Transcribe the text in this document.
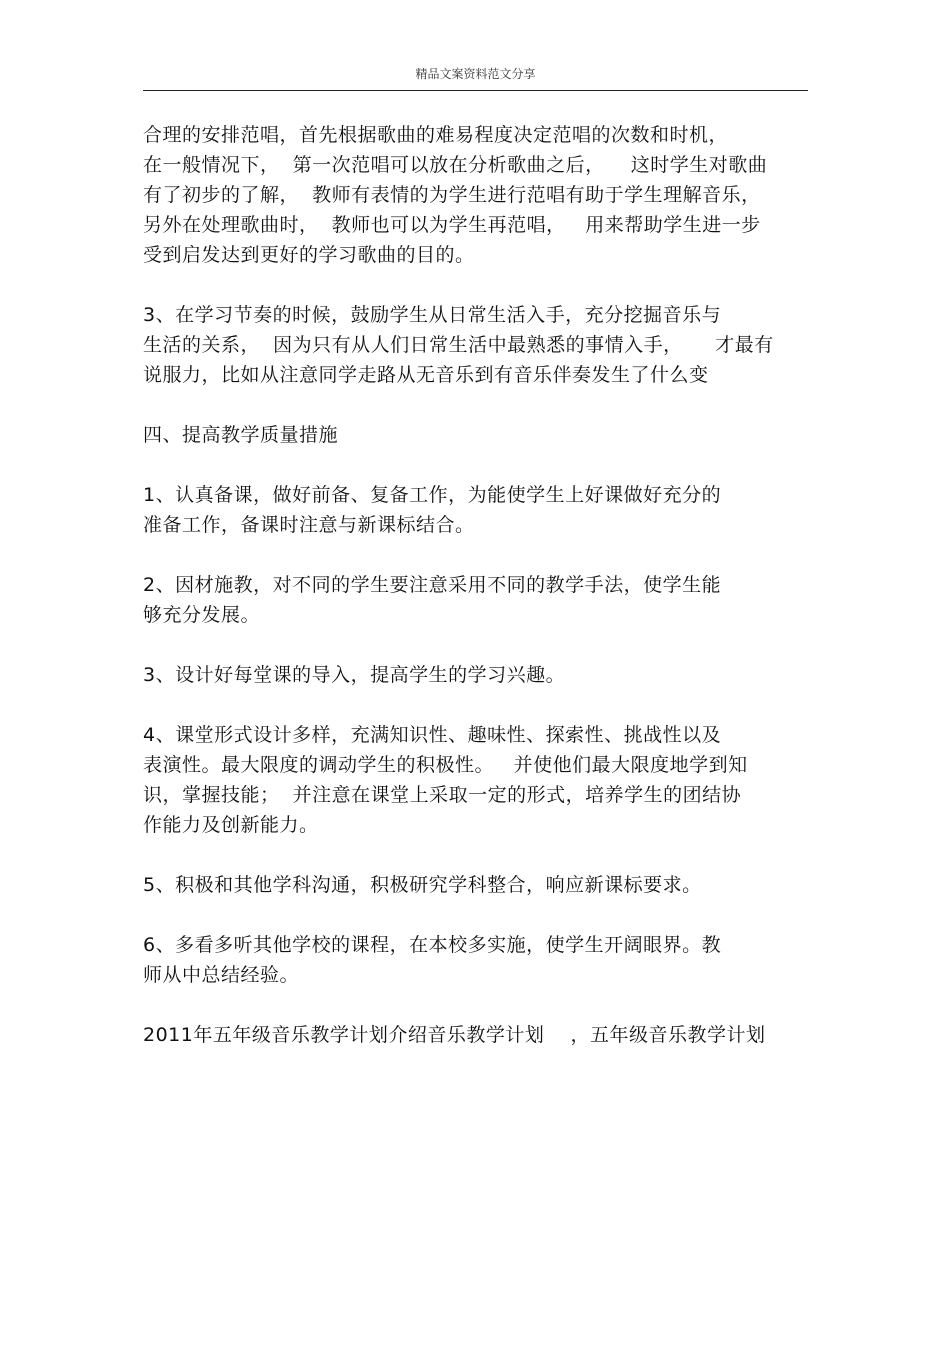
精品文案资料范文分享
合理的安排范唱，首先根据歌曲的难易程度决定范唱的次数和时机，
在一般情况下，  第一次范唱可以放在分析歌曲之后，    这时学生对歌曲
有了初步的了解，  教师有表情的为学生进行范唱有助于学生理解音乐，
另外在处理歌曲时，  教师也可以为学生再范唱，   用来帮助学生进一步
受到启发达到更好的学习歌曲的目的。
3、在学习节奏的时候，鼓励学生从日常生活入手，充分挖掘音乐与
生活的关系，  因为只有从人们日常生活中最熟悉的事情入手，     才最有
说服力，比如从注意同学走路从无音乐到有音乐伴奏发生了什么变
四、提高教学质量措施
1、认真备课，做好前备、复备工作，为能使学生上好课做好充分的
准备工作，备课时注意与新课标结合。
2、因材施教，对不同的学生要注意采用不同的教学手法，使学生能
够充分发展。
3、设计好每堂课的导入，提高学生的学习兴趣。
4、课堂形式设计多样，充满知识性、趣味性、探索性、挑战性以及
表演性。最大限度的调动学生的积极性。   并使他们最大限度地学到知
识，掌握技能；  并注意在课堂上采取一定的形式，培养学生的团结协
作能力及创新能力。
5、积极和其他学科沟通，积极研究学科整合，响应新课标要求。
6、多看多听其他学校的课程，在本校多实施，使学生开阔眼界。教
师从中总结经验。
2011年五年级音乐教学计划介绍音乐教学计划    ，五年级音乐教学计划
